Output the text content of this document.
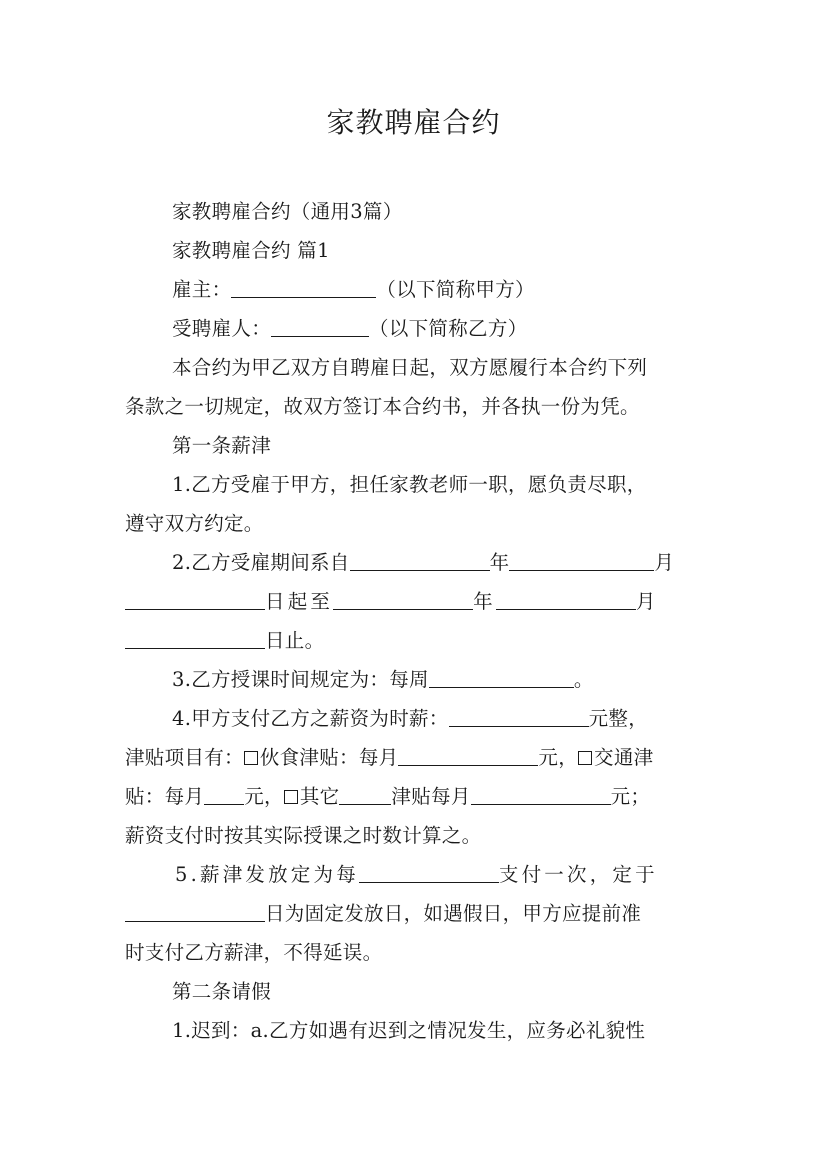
家教聘雇合约
家教聘雇合约（通用3篇）
家教聘雇合约 篇1
雇主：	（以下简称甲方）
受聘雇人：	（以下简称乙方）
本合约为甲乙双方自聘雇日起，双方愿履行本合约下列
条款之一切规定，故双方签订本合约书，并各执一份为凭。
第一条薪津
1.乙方受雇于甲方，担任家教老师一职，愿负责尽职，
遵守双方约定。
2.乙方受雇期间系自	年	月
日起至	年	月
日止。
3.乙方授课时间规定为：每周	。
4.甲方支付乙方之薪资为时薪：	元整，
津贴项目有： 伙食津贴：每月	元， 交通津
贴：每月 元， 其它	津贴每月	元；
薪资支付时按其实际授课之时数计算之。
5.薪津发放定为每	支付一次，定于
日为固定发放日，如遇假日，甲方应提前准
时支付乙方薪津，不得延误。
第二条请假
1.迟到：a.乙方如遇有迟到之情况发生，应务必礼貌性
